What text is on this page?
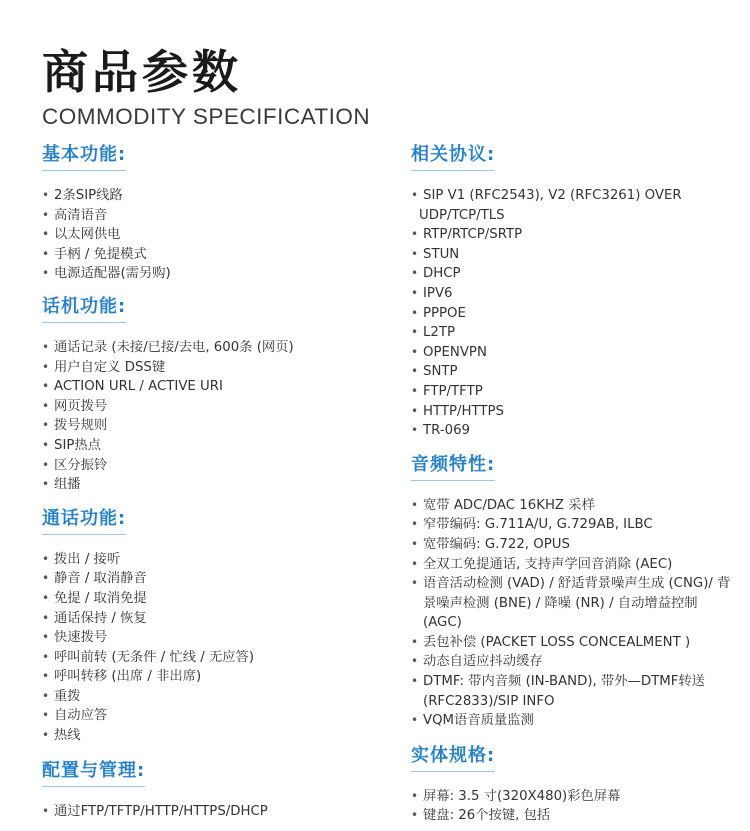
商品参数
COMMODITY SPECIFICATION
基本功能:
• 2条SIP线路
• 高清语音
• 以太网供电
• 手柄 / 免提模式
• 电源适配器(需另购)
话机功能:
• 通话记录 (未接/已接/去电, 600条 (网页)
• 用户自定义 DSS键
• ACTION URL / ACTIVE URI
• 网页拨号
• 拨号规则
• SIP热点
• 区分振铃
• 组播
通话功能:
• 拨出 / 接听
• 静音 / 取消静音
• 免提 / 取消免提
• 通话保持 / 恢复
• 快速拨号
• 呼叫前转 (无条件 / 忙线 / 无应答)
• 呼叫转移 (出席 / 非出席)
• 重拨
• 自动应答
• 热线
配置与管理:
• 通过FTP/TFTP/HTTP/HTTPS/DHCP
相关协议:
• SIP V1 (RFC2543), V2 (RFC3261) OVER
UDP/TCP/TLS
• RTP/RTCP/SRTP
• STUN
• DHCP
• IPV6
• PPPOE
• L2TP
• OPENVPN
• SNTP
• FTP/TFTP
• HTTP/HTTPS
• TR-069
音频特性:
• 宽带 ADC/DAC 16KHZ 采样
• 窄带编码: G.711A/U, G.729AB, ILBC
• 宽带编码: G.722, OPUS
• 全双工免提通话, 支持声学回音消除 (AEC)
• 语音活动检测 (VAD) / 舒适背景噪声生成 (CNG)/ 背景噪声检测 (BNE) / 降噪 (NR) / 自动增益控制(AGC)
• 丢包补偿 (PACKET LOSS CONCEALMENT )
• 动态自适应抖动缓存
• DTMF: 带内音频 (IN-BAND), 带外—DTMF转送 (RFC2833)/SIP INFO
• VQM语音质量监测
实体规格:
• 屏幕: 3.5 寸(320X480)彩色屏幕
• 键盘: 26个按键, 包括
